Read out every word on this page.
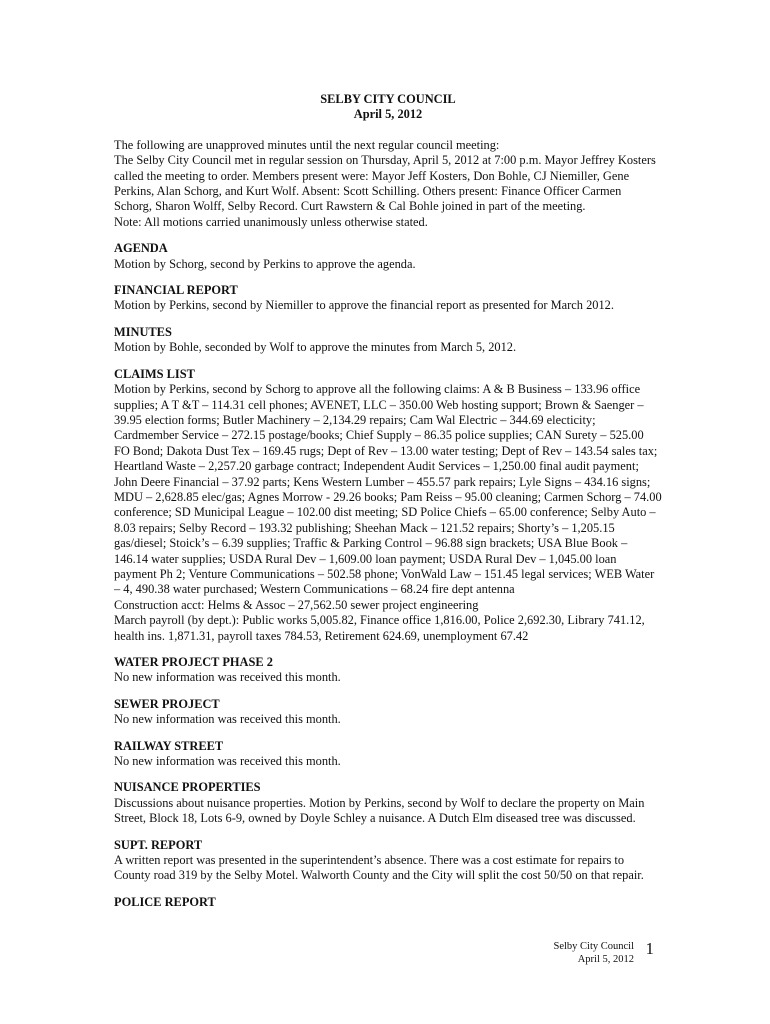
SELBY CITY COUNCIL
April 5, 2012

The following are unapproved minutes until the next regular council meeting:

The Selby City Council met in regular session on Thursday, April 5, 2012 at 7:00 p.m. Mayor Jeffrey Kosters called the meeting to order. Members present were: Mayor Jeff Kosters, Don Bohle, CJ Niemiller, Gene Perkins, Alan Schorg, and Kurt Wolf. Absent: Scott Schilling. Others present: Finance Officer Carmen Schorg, Sharon Wolff, Selby Record. Curt Rawstern & Cal Bohle joined in part of the meeting.

Note: All motions carried unanimously unless otherwise stated.

AGENDA

Motion by Schorg, second by Perkins to approve the agenda.

FINANCIAL REPORT

Motion by Perkins, second by Niemiller to approve the financial report as presented for March 2012.

MINUTES

Motion by Bohle, seconded by Wolf to approve the minutes from March 5, 2012.

CLAIMS LIST

Motion by Perkins, second by Schorg to approve all the following claims: A & B Business – 133.96 office supplies; A T &T – 114.31 cell phones; AVENET, LLC – 350.00 Web hosting support; Brown & Saenger – 39.95 election forms; Butler Machinery – 2,134.29 repairs; Cam Wal Electric – 344.69 electicity; Cardmember Service – 272.15 postage/books; Chief Supply – 86.35 police supplies; CAN Surety – 525.00 FO Bond; Dakota Dust Tex – 169.45 rugs; Dept of Rev – 13.00 water testing; Dept of Rev – 143.54 sales tax; Heartland Waste – 2,257.20 garbage contract; Independent Audit Services – 1,250.00 final audit payment; John Deere Financial – 37.92 parts; Kens Western Lumber – 455.57 park repairs; Lyle Signs – 434.16 signs; MDU – 2,628.85 elec/gas; Agnes Morrow - 29.26 books; Pam Reiss – 95.00 cleaning; Carmen Schorg – 74.00 conference; SD Municipal League – 102.00 dist meeting; SD Police Chiefs – 65.00 conference; Selby Auto – 8.03 repairs; Selby Record – 193.32 publishing; Sheehan Mack – 121.52 repairs; Shorty’s – 1,205.15 gas/diesel; Stoick’s – 6.39 supplies; Traffic & Parking Control – 96.88 sign brackets; USA Blue Book – 146.14 water supplies; USDA Rural Dev – 1,609.00 loan payment; USDA Rural Dev – 1,045.00 loan payment Ph 2; Venture Communications – 502.58 phone; VonWald Law – 151.45 legal services; WEB Water – 4, 490.38 water purchased; Western Communications – 68.24 fire dept antenna

Construction acct: Helms & Assoc – 27,562.50 sewer project engineering

March payroll (by dept.): Public works 5,005.82, Finance office 1,816.00, Police 2,692.30, Library 741.12, health ins. 1,871.31, payroll taxes 784.53, Retirement 624.69, unemployment 67.42

WATER PROJECT PHASE 2

No new information was received this month.

SEWER PROJECT

No new information was received this month.

RAILWAY STREET

No new information was received this month.

NUISANCE PROPERTIES

Discussions about nuisance properties. Motion by Perkins, second by Wolf to declare the property on Main Street, Block 18, Lots 6-9, owned by Doyle Schley a nuisance. A Dutch Elm diseased tree was discussed.

SUPT. REPORT

A written report was presented in the superintendent’s absence. There was a cost estimate for repairs to County road 319 by the Selby Motel. Walworth County and the City will split the cost 50/50 on that repair.

POLICE REPORT
Selby City Council
April 5, 2012
1
